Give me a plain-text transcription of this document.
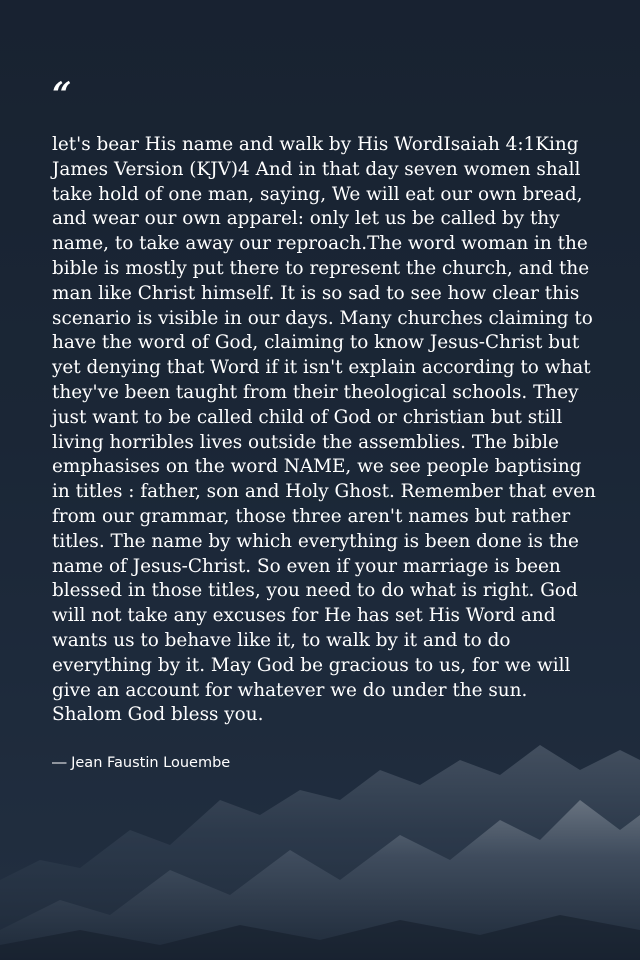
“

let's bear His name and walk by His WordIsaiah 4:1King James Version (KJV)4 And in that day seven women shall take hold of one man, saying, We will eat our own bread, and wear our own apparel: only let us be called by thy name, to take away our reproach.The word woman in the bible is mostly put there to represent the church, and the man like Christ himself. It is so sad to see how clear this scenario is visible in our days. Many churches claiming to have the word of God, claiming to know Jesus-Christ but yet denying that Word if it isn't explain according to what they've been taught from their theological schools. They just want to be called child of God or christian but still living horribles lives outside the assemblies. The bible emphasises on the word NAME, we see people baptising in titles : father, son and Holy Ghost. Remember that even from our grammar, those three aren't names but rather titles. The name by which everything is been done is the name of Jesus-Christ. So even if your marriage is been blessed in those titles, you need to do what is right. God will not take any excuses for He has set His Word and wants us to behave like it, to walk by it and to do everything by it. May God be gracious to us, for we will give an account for whatever we do under the sun. Shalom God bless you.

― Jean Faustin Louembe
